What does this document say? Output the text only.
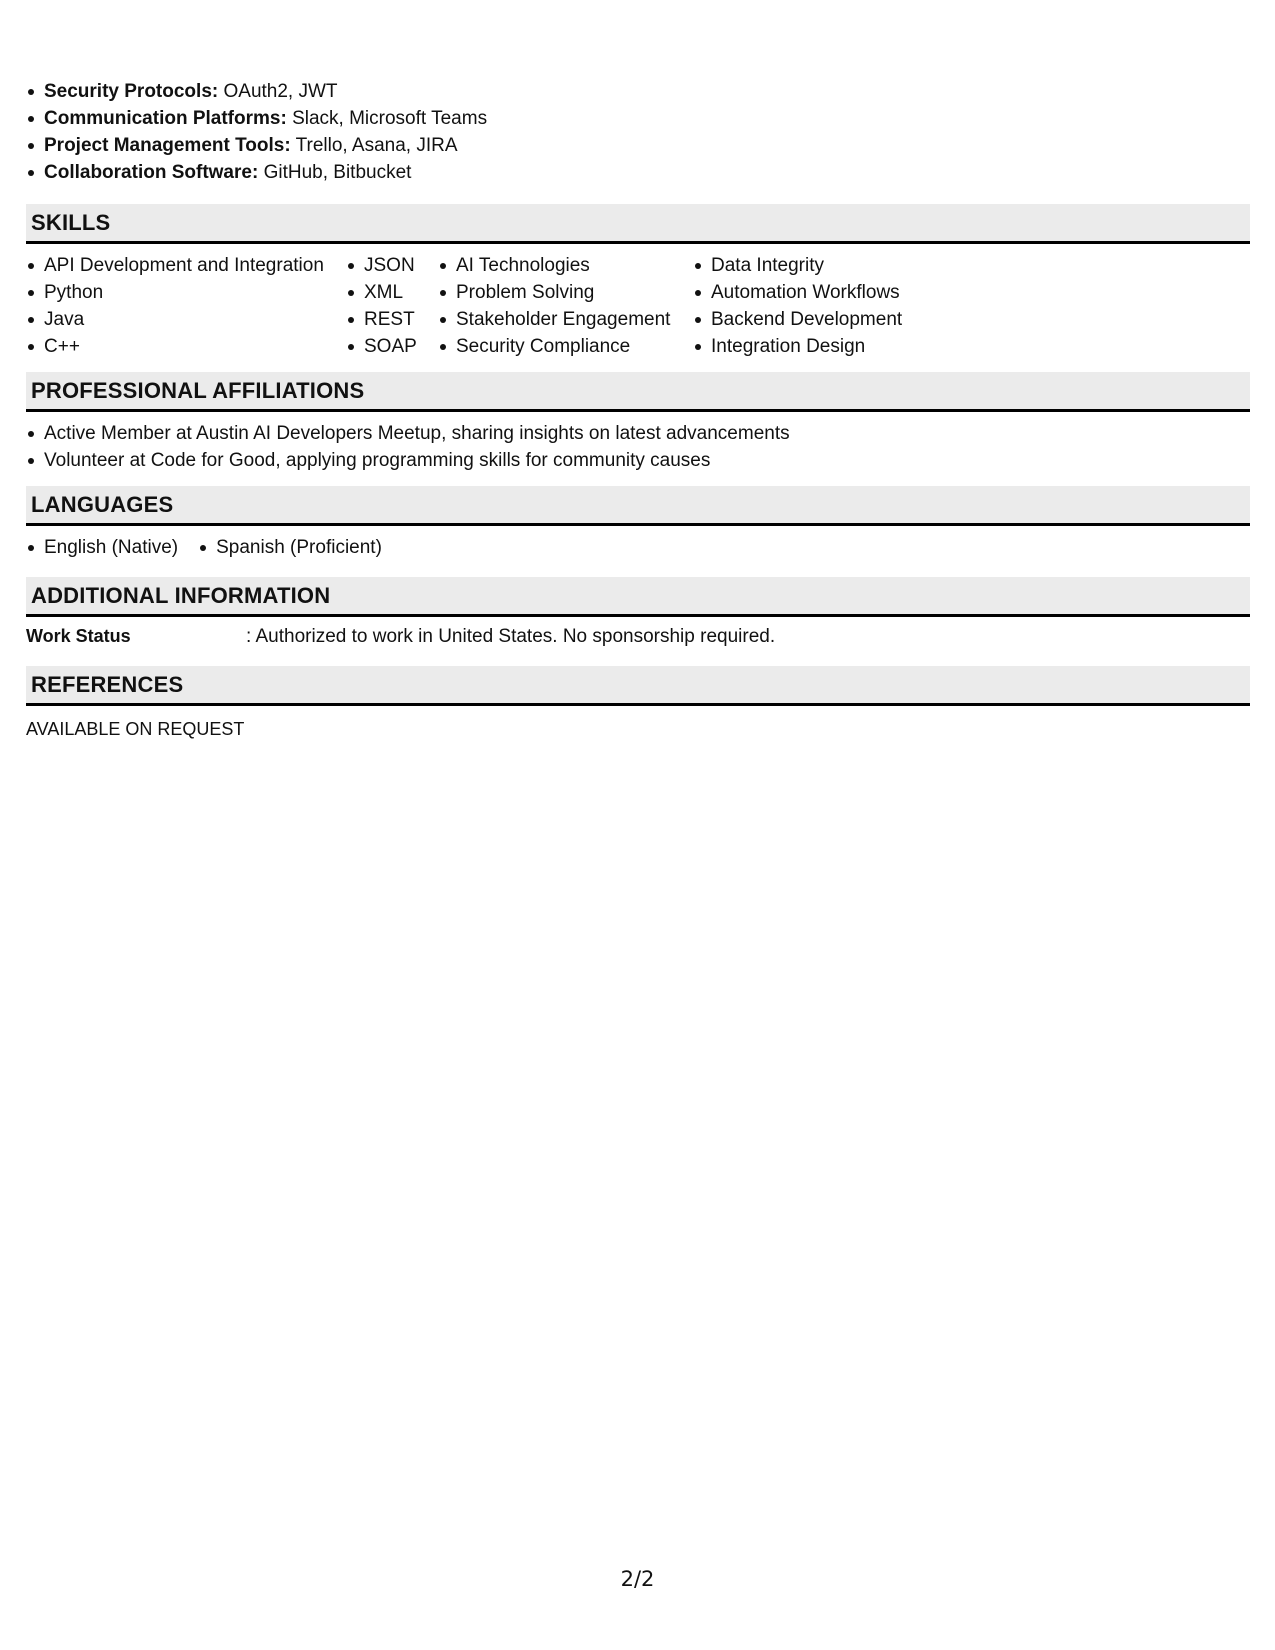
Security Protocols: OAuth2, JWT
Communication Platforms: Slack, Microsoft Teams
Project Management Tools: Trello, Asana, JIRA
Collaboration Software: GitHub, Bitbucket
SKILLS
API Development and Integration
Python
Java
C++
JSON
XML
REST
SOAP
AI Technologies
Problem Solving
Stakeholder Engagement
Security Compliance
Data Integrity
Automation Workflows
Backend Development
Integration Design
PROFESSIONAL AFFILIATIONS
Active Member at Austin AI Developers Meetup, sharing insights on latest advancements
Volunteer at Code for Good, applying programming skills for community causes
LANGUAGES
English (Native)	Spanish (Proficient)
ADDITIONAL INFORMATION
Work Status	: Authorized to work in United States. No sponsorship required.
REFERENCES
AVAILABLE ON REQUEST
2/2
